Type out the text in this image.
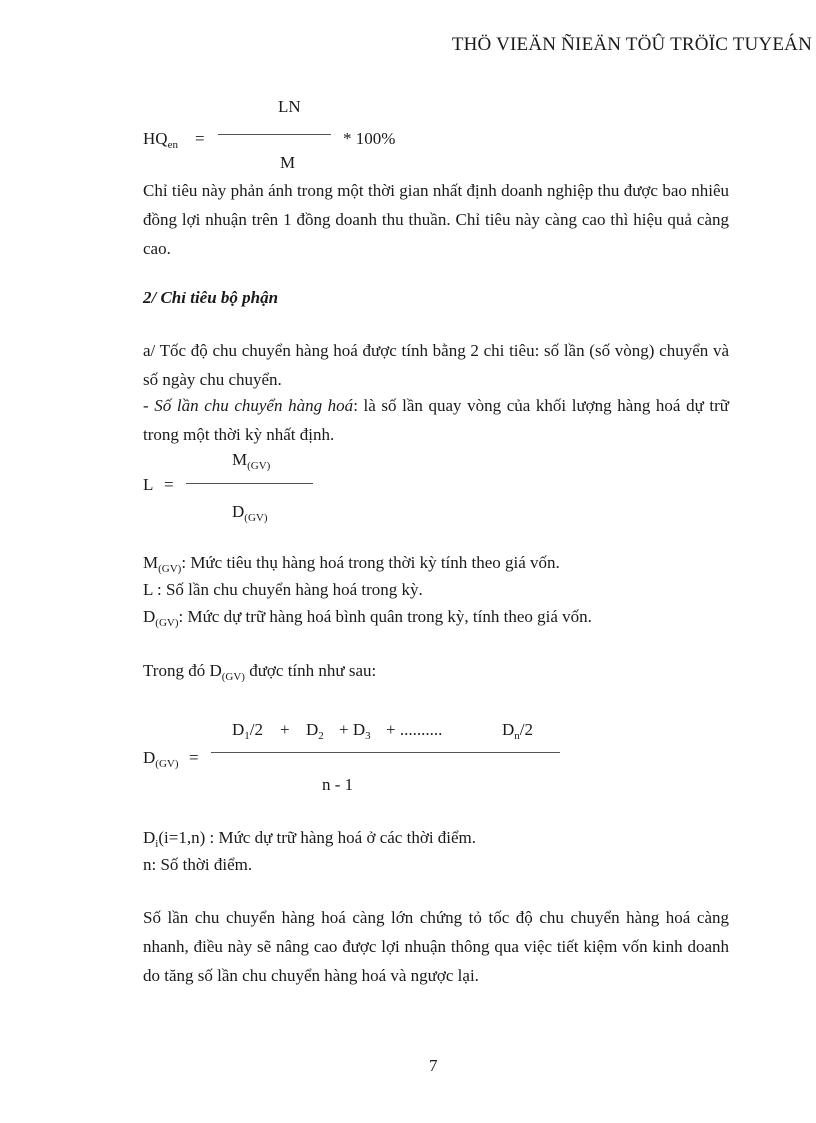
THÖ VIEÄN ÑIEÄN TÖÛ TRÖÏC TUYEÁN
LN
$HQ_{en}$ =	* 100%
M
Chỉ tiêu này phản ánh trong một thời gian nhất định doanh nghiệp thu được bao nhiêu đồng lợi nhuận trên 1 đồng doanh thu thuần. Chỉ tiêu này càng cao thì hiệu quả càng cao.
2/ Chỉ tiêu bộ phận
a/ Tốc độ chu chuyển hàng hoá được tính bằng 2 chi tiêu: số lần (số vòng) chuyển và số ngày chu chuyển.
- Số lần chu chuyển hàng hoá: là số lần quay vòng của khối lượng hàng hoá dự trữ trong một thời kỳ nhất định.
$M_{(GV)}$
L =
$D_{(GV)}$
$M_{(GV)}$: Mức tiêu thụ hàng hoá trong thời kỳ tính theo giá vốn.
L : Số lần chu chuyển hàng hoá trong kỳ.
$D_{(GV)}$: Mức dự trữ hàng hoá bình quân trong kỳ, tính theo giá vốn.
Trong đó $D_{(GV)}$ được tính như sau:
$D_1/2 + D_2 + D_3$ + ..........	$D_n/2$
$D_{(GV)}$ =
n - 1
$D_i(i=1,n)$ : Mức dự trữ hàng hoá ở các thời điểm.
n: Số thời điểm.
Số lần chu chuyển hàng hoá càng lớn chứng tỏ tốc độ chu chuyển hàng hoá càng nhanh, điều này sẽ nâng cao được lợi nhuận thông qua việc tiết kiệm vốn kinh doanh do tăng số lần chu chuyển hàng hoá và ngược lại.
7
